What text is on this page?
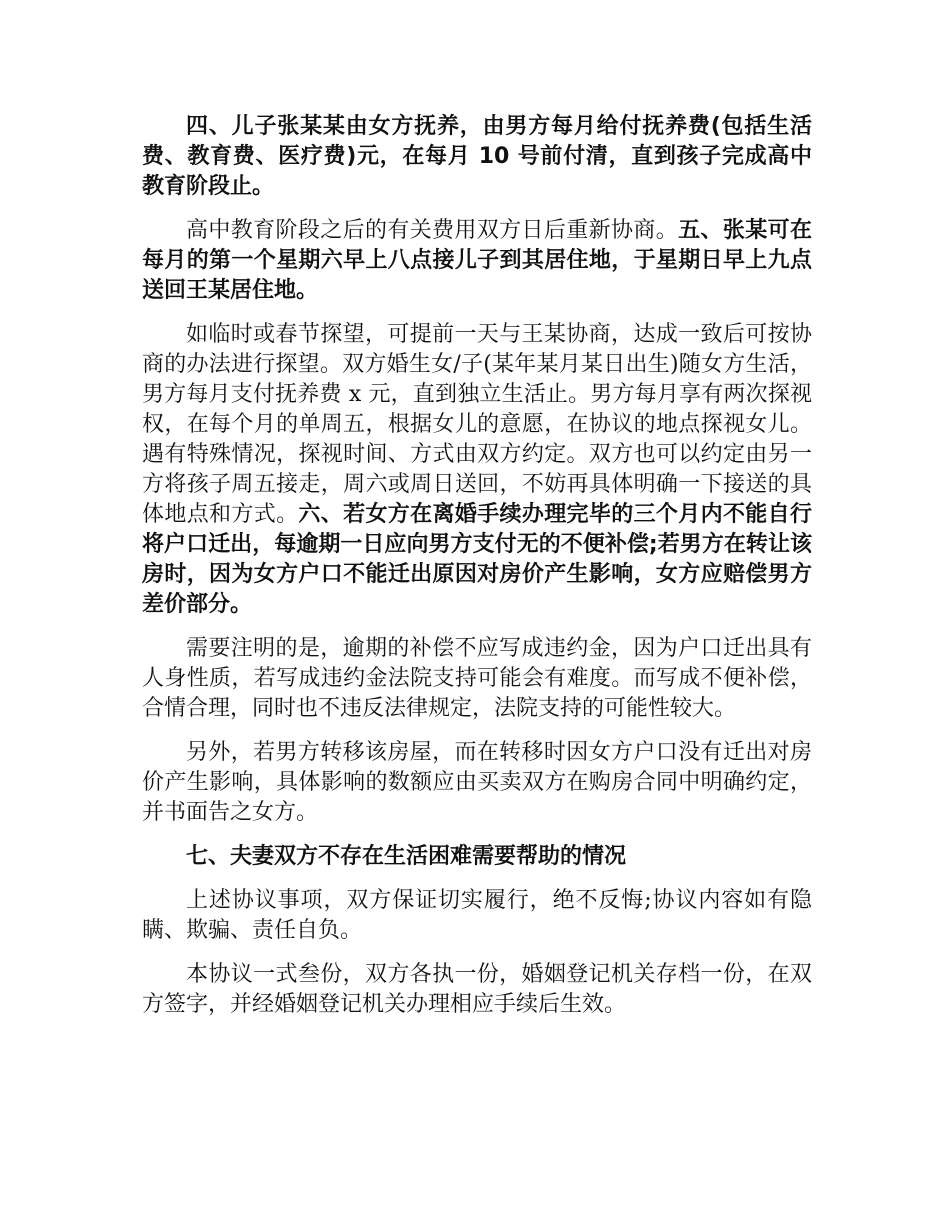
四、儿子张某某由女方抚养，由男方每月给付抚养费(包括生活费、教育费、医疗费)元，在每月 10 号前付清，直到孩子完成高中教育阶段止。

高中教育阶段之后的有关费用双方日后重新协商。五、张某可在每月的第一个星期六早上八点接儿子到其居住地，于星期日早上九点送回王某居住地。

如临时或春节探望，可提前一天与王某协商，达成一致后可按协商的办法进行探望。双方婚生女/子(某年某月某日出生)随女方生活，男方每月支付抚养费 x 元，直到独立生活止。男方每月享有两次探视权，在每个月的单周五，根据女儿的意愿，在协议的地点探视女儿。遇有特殊情况，探视时间、方式由双方约定。双方也可以约定由另一方将孩子周五接走，周六或周日送回，不妨再具体明确一下接送的具体地点和方式。六、若女方在离婚手续办理完毕的三个月内不能自行将户口迁出，每逾期一日应向男方支付无的不便补偿;若男方在转让该房时，因为女方户口不能迁出原因对房价产生影响，女方应赔偿男方差价部分。

需要注明的是，逾期的补偿不应写成违约金，因为户口迁出具有人身性质，若写成违约金法院支持可能会有难度。而写成不便补偿，合情合理，同时也不违反法律规定，法院支持的可能性较大。

另外，若男方转移该房屋，而在转移时因女方户口没有迁出对房价产生影响，具体影响的数额应由买卖双方在购房合同中明确约定，并书面告之女方。

七、夫妻双方不存在生活困难需要帮助的情况

上述协议事项，双方保证切实履行，绝不反悔;协议内容如有隐瞒、欺骗、责任自负。

本协议一式叁份，双方各执一份，婚姻登记机关存档一份，在双方签字，并经婚姻登记机关办理相应手续后生效。
